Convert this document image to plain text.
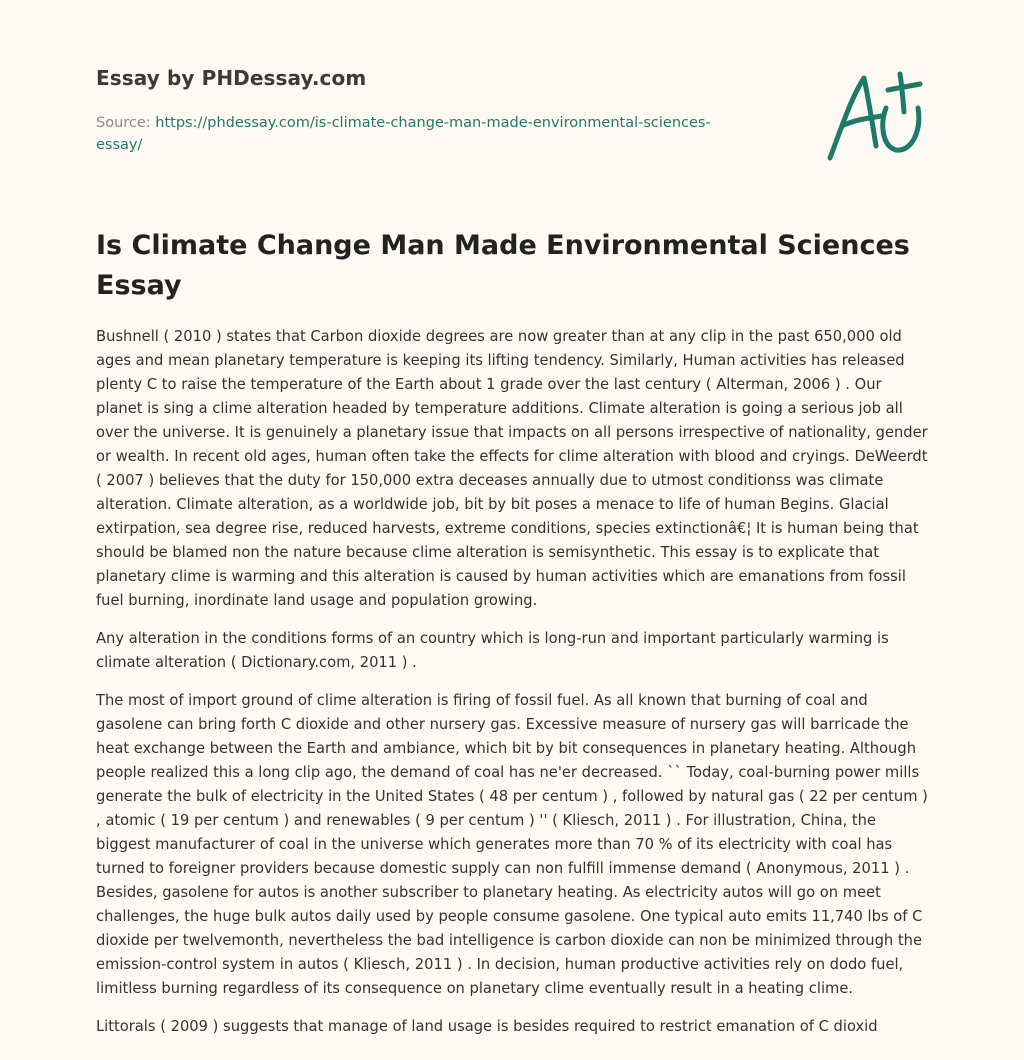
Essay by PHDessay.com
Source: https://phdessay.com/is-climate-change-man-made-environmental-sciences-essay/
Is Climate Change Man Made Environmental Sciences Essay

Bushnell ( 2010 ) states that Carbon dioxide degrees are now greater than at any clip in the past 650,000 old ages and mean planetary temperature is keeping its lifting tendency. Similarly, Human activities has released plenty C to raise the temperature of the Earth about 1 grade over the last century ( Alterman, 2006 ) . Our planet is sing a clime alteration headed by temperature additions. Climate alteration is going a serious job all over the universe. It is genuinely a planetary issue that impacts on all persons irrespective of nationality, gender or wealth. In recent old ages, human often take the effects for clime alteration with blood and cryings. DeWeerdt ( 2007 ) believes that the duty for 150,000 extra deceases annually due to utmost conditionss was climate alteration. Climate alteration, as a worldwide job, bit by bit poses a menace to life of human Begins. Glacial extirpation, sea degree rise, reduced harvests, extreme conditions, species extinctionâ€¦ It is human being that should be blamed non the nature because clime alteration is semisynthetic. This essay is to explicate that planetary clime is warming and this alteration is caused by human activities which are emanations from fossil fuel burning, inordinate land usage and population growing.

Any alteration in the conditions forms of an country which is long-run and important particularly warming is climate alteration ( Dictionary.com, 2011 ) .

The most of import ground of clime alteration is firing of fossil fuel. As all known that burning of coal and gasolene can bring forth C dioxide and other nursery gas. Excessive measure of nursery gas will barricade the heat exchange between the Earth and ambiance, which bit by bit consequences in planetary heating. Although people realized this a long clip ago, the demand of coal has ne'er decreased. `` Today, coal-burning power mills generate the bulk of electricity in the United States ( 48 per centum ) , followed by natural gas ( 22 per centum ) , atomic ( 19 per centum ) and renewables ( 9 per centum ) '' ( Kliesch, 2011 ) . For illustration, China, the biggest manufacturer of coal in the universe which generates more than 70 % of its electricity with coal has turned to foreigner providers because domestic supply can non fulfill immense demand ( Anonymous, 2011 ) . Besides, gasolene for autos is another subscriber to planetary heating. As electricity autos will go on meet challenges, the huge bulk autos daily used by people consume gasolene. One typical auto emits 11,740 lbs of C dioxide per twelvemonth, nevertheless the bad intelligence is carbon dioxide can non be minimized through the emission-control system in autos ( Kliesch, 2011 ) . In decision, human productive activities rely on dodo fuel, limitless burning regardless of its consequence on planetary clime eventually result in a heating clime.

Littorals ( 2009 ) suggests that manage of land usage is besides required to restrict emanation of C dioxid
